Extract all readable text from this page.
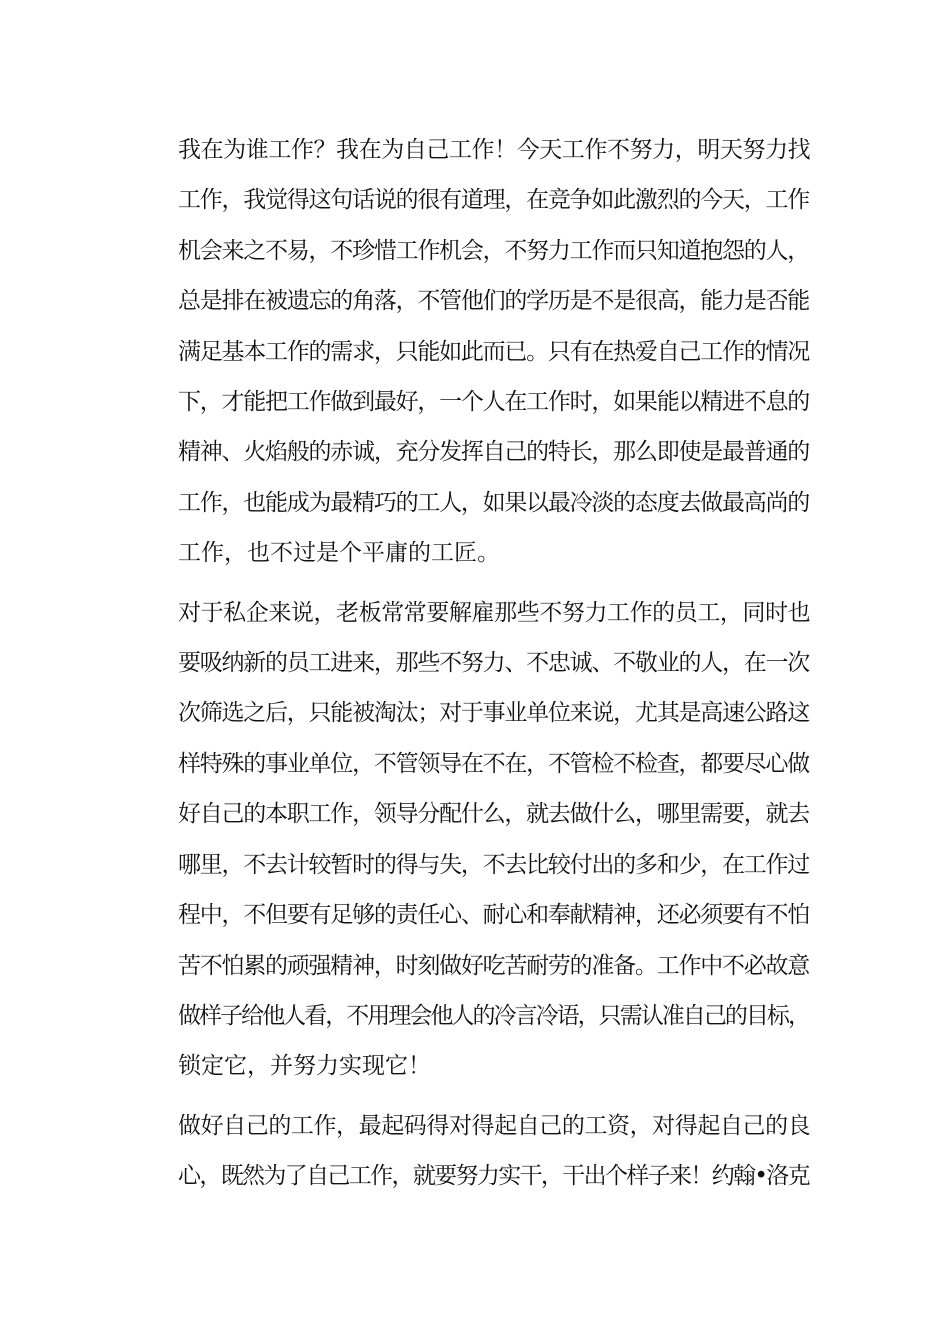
我在为谁工作？我在为自己工作！今天工作不努力，明天努力找
工作，我觉得这句话说的很有道理，在竞争如此激烈的今天，工作
机会来之不易，不珍惜工作机会，不努力工作而只知道抱怨的人，
总是排在被遗忘的角落，不管他们的学历是不是很高，能力是否能
满足基本工作的需求，只能如此而已。只有在热爱自己工作的情况
下，才能把工作做到最好，一个人在工作时，如果能以精进不息的
精神、火焰般的赤诚，充分发挥自己的特长，那么即使是最普通的
工作，也能成为最精巧的工人，如果以最冷淡的态度去做最高尚的
工作，也不过是个平庸的工匠。

对于私企来说，老板常常要解雇那些不努力工作的员工，同时也
要吸纳新的员工进来，那些不努力、不忠诚、不敬业的人，在一次
次筛选之后，只能被淘汰；对于事业单位来说，尤其是高速公路这
样特殊的事业单位，不管领导在不在，不管检不检查，都要尽心做
好自己的本职工作，领导分配什么，就去做什么，哪里需要，就去
哪里，不去计较暂时的得与失，不去比较付出的多和少，在工作过
程中，不但要有足够的责任心、耐心和奉献精神，还必须要有不怕
苦不怕累的顽强精神，时刻做好吃苦耐劳的准备。工作中不必故意
做样子给他人看，不用理会他人的冷言冷语，只需认准自己的目标，
锁定它，并努力实现它！

做好自己的工作，最起码得对得起自己的工资，对得起自己的良
心，既然为了自己工作，就要努力实干，干出个样子来！约翰•洛克
